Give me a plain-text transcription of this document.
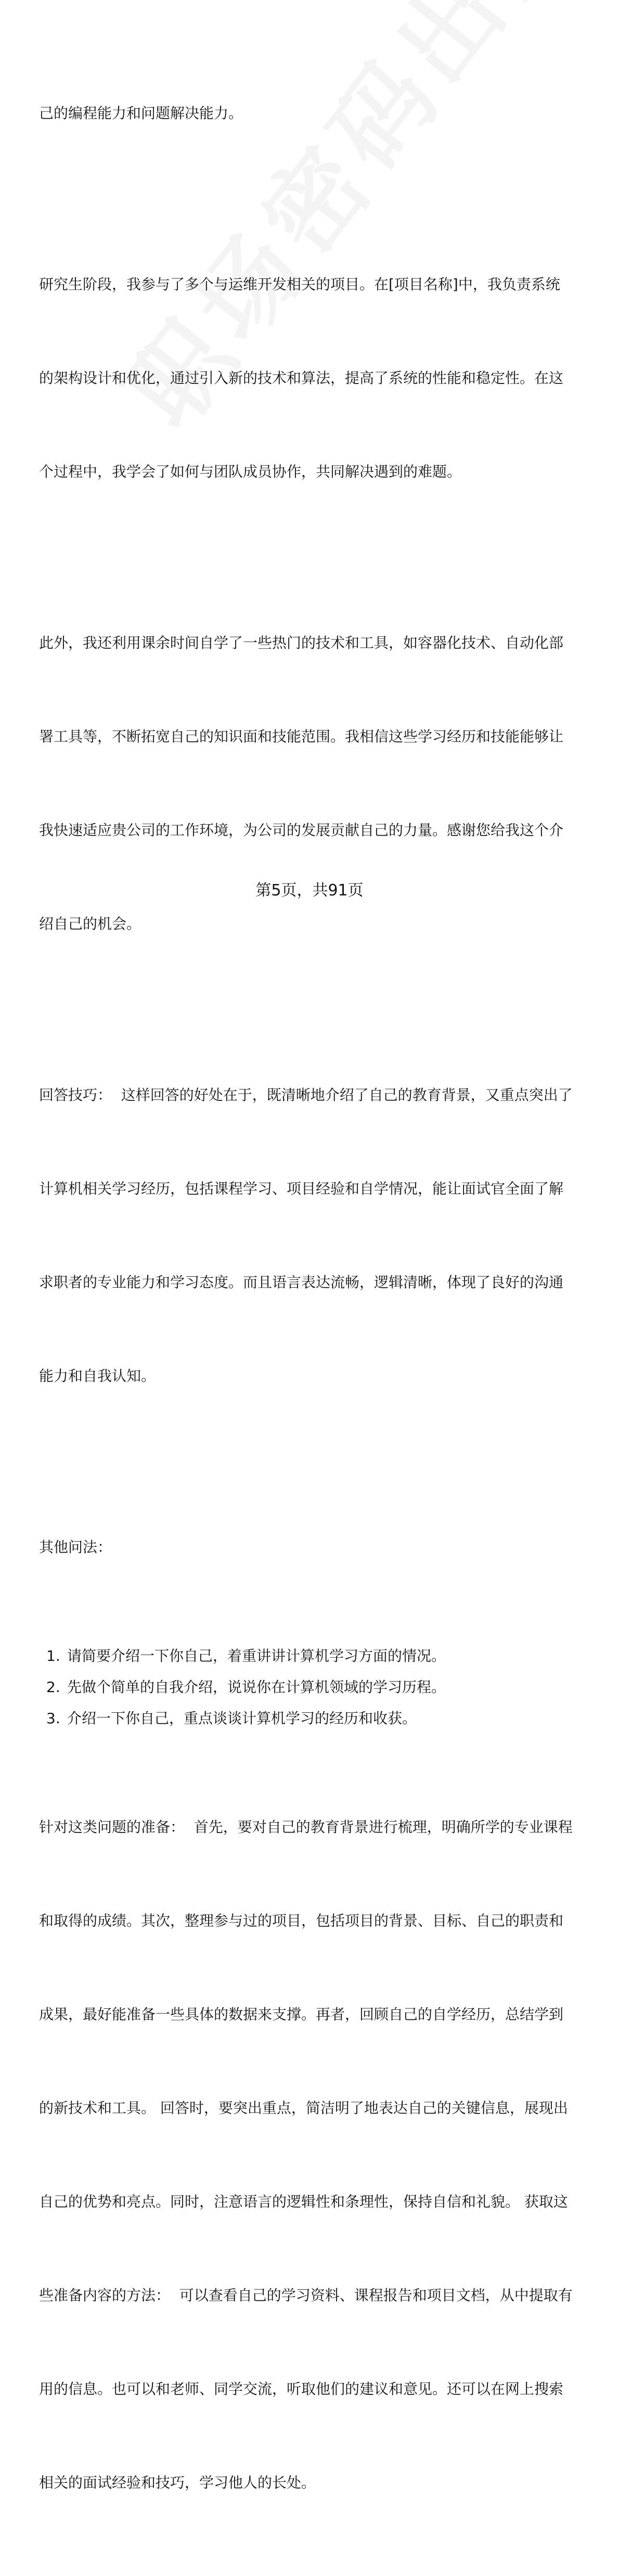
己的编程能力和问题解决能力。

研究生阶段，我参与了多个与运维开发相关的项目。在[项目名称]中，我负责系统

的架构设计和优化，通过引入新的技术和算法，提高了系统的性能和稳定性。在这

个过程中，我学会了如何与团队成员协作，共同解决遇到的难题。

此外，我还利用课余时间自学了一些热门的技术和工具，如容器化技术、自动化部

署工具等，不断拓宽自己的知识面和技能范围。我相信这些学习经历和技能能够让

我快速适应贵公司的工作环境，为公司的发展贡献自己的力量。感谢您给我这个介

绍自己的机会。

回答技巧：  这样回答的好处在于，既清晰地介绍了自己的教育背景，又重点突出了

计算机相关学习经历，包括课程学习、项目经验和自学情况，能让面试官全面了解

求职者的专业能力和学习态度。而且语言表达流畅，逻辑清晰，体现了良好的沟通

能力和自我认知。

其他问法：

1. 请简要介绍一下你自己，着重讲讲计算机学习方面的情况。
2. 先做个简单的自我介绍，说说你在计算机领域的学习历程。
3. 介绍一下你自己，重点谈谈计算机学习的经历和收获。

针对这类问题的准备：  首先，要对自己的教育背景进行梳理，明确所学的专业课程

和取得的成绩。其次，整理参与过的项目，包括项目的背景、目标、自己的职责和

成果，最好能准备一些具体的数据来支撑。再者，回顾自己的自学经历，总结学到

的新技术和工具。 回答时，要突出重点，简洁明了地表达自己的关键信息，展现出

自己的优势和亮点。同时，注意语言的逻辑性和条理性，保持自信和礼貌。 获取这

些准备内容的方法：  可以查看自己的学习资料、课程报告和项目文档，从中提取有

用的信息。也可以和老师、同学交流，听取他们的建议和意见。还可以在网上搜索

相关的面试经验和技巧，学习他人的长处。

第5页，共91页
